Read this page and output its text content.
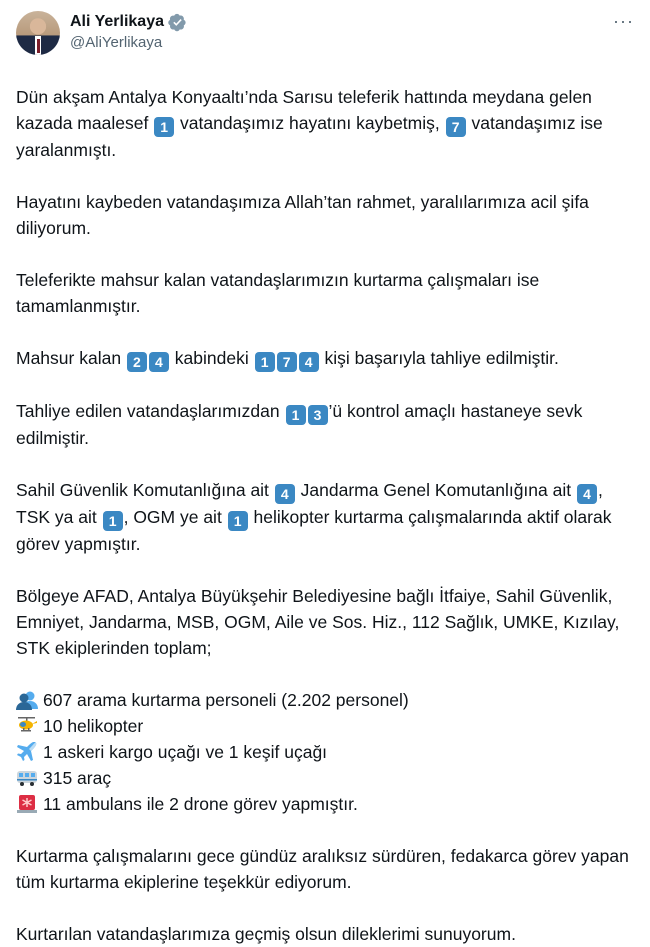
Ali Yerlikaya
@AliYerlikaya
···

Dün akşam Antalya Konyaaltı’nda Sarısu teleferik hattında meydana gelen kazada maalesef 1 vatandaşımız hayatını kaybetmiş, 7 vatandaşımız ise yaralanmıştı.

Hayatını kaybeden vatandaşımıza Allah’tan rahmet, yaralılarımıza acil şifa diliyorum.

Teleferikte mahsur kalan vatandaşlarımızın kurtarma çalışmaları ise tamamlanmıştır.

Mahsur kalan 2 4 kabindeki 1 7 4 kişi başarıyla tahliye edilmiştir.

Tahliye edilen vatandaşlarımızdan 1 3 ’ü kontrol amaçlı hastaneye sevk edilmiştir.

Sahil Güvenlik Komutanlığına ait 4 Jandarma Genel Komutanlığına ait 4 , TSK ya ait 1 , OGM ye ait 1 helikopter kurtarma çalışmalarında aktif olarak görev yapmıştır.

Bölgeye AFAD, Antalya Büyükşehir Belediyesine bağlı İtfaiye, Sahil Güvenlik, Emniyet, Jandarma, MSB, OGM, Aile ve Sos. Hiz., 112 Sağlık, UMKE, Kızılay, STK ekiplerinden toplam;

607 arama kurtarma personeli (2.202 personel)
10 helikopter
1 askeri kargo uçağı ve 1 keşif uçağı
315 araç
11 ambulans ile 2 drone görev yapmıştır.

Kurtarma çalışmalarını gece gündüz aralıksız sürdüren, fedakarca görev yapan tüm kurtarma ekiplerine teşekkür ediyorum.

Kurtarılan vatandaşlarımıza geçmiş olsun dileklerimi sunuyorum.
